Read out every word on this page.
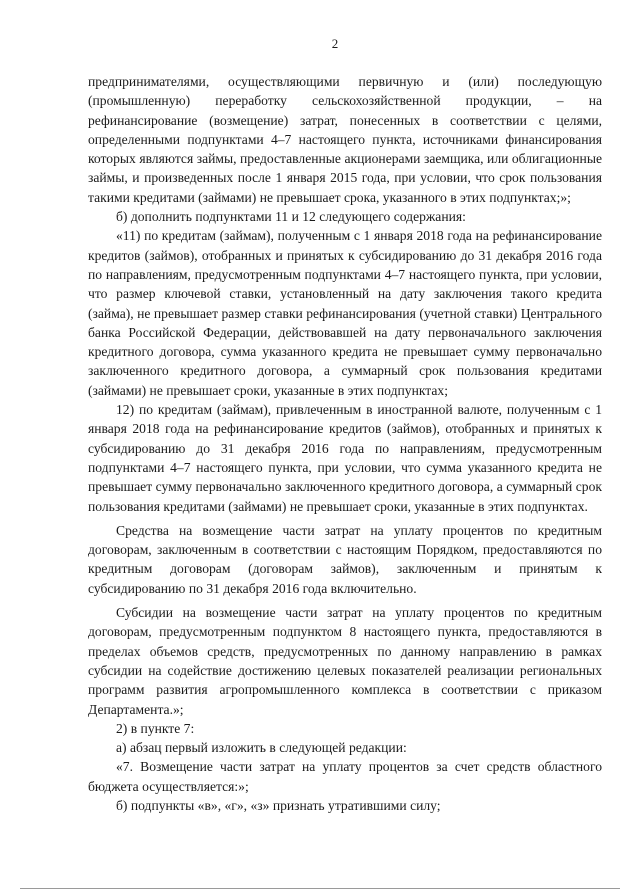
2

предпринимателями, осуществляющими первичную и (или) последующую (промышленную) переработку сельскохозяйственной продукции, – на рефинансирование (возмещение) затрат, понесенных в соответствии с целями, определенными подпунктами 4–7 настоящего пункта, источниками финансирования которых являются займы, предоставленные акционерами заемщика, или облигационные займы, и произведенных после 1 января 2015 года, при условии, что срок пользования такими кредитами (займами) не превышает срока, указанного в этих подпунктах;»;

б) дополнить подпунктами 11 и 12 следующего содержания:

«11) по кредитам (займам), полученным с 1 января 2018 года на рефинансирование кредитов (займов), отобранных и принятых к субсидированию до 31 декабря 2016 года по направлениям, предусмотренным подпунктами 4–7 настоящего пункта, при условии, что размер ключевой ставки, установленный на дату заключения такого кредита (займа), не превышает размер ставки рефинансирования (учетной ставки) Центрального банка Российской Федерации, действовавшей на дату первоначального заключения кредитного договора, сумма указанного кредита не превышает сумму первоначально заключенного кредитного договора, а суммарный срок пользования кредитами (займами) не превышает сроки, указанные в этих подпунктах;

12) по кредитам (займам), привлеченным в иностранной валюте, полученным с 1 января 2018 года на рефинансирование кредитов (займов), отобранных и принятых к субсидированию до 31 декабря 2016 года по направлениям, предусмотренным подпунктами 4–7 настоящего пункта, при условии, что сумма указанного кредита не превышает сумму первоначально заключенного кредитного договора, а суммарный срок пользования кредитами (займами) не превышает сроки, указанные в этих подпунктах.

Средства на возмещение части затрат на уплату процентов по кредитным договорам, заключенным в соответствии с настоящим Порядком, предоставляются по кредитным договорам (договорам займов), заключенным и принятым к субсидированию по 31 декабря 2016 года включительно.

Субсидии на возмещение части затрат на уплату процентов по кредитным договорам, предусмотренным подпунктом 8 настоящего пункта, предоставляются в пределах объемов средств, предусмотренных по данному направлению в рамках субсидии на содействие достижению целевых показателей реализации региональных программ развития агропромышленного комплекса в соответствии с приказом Департамента.»;

2) в пункте 7:

а) абзац первый изложить в следующей редакции:

«7. Возмещение части затрат на уплату процентов за счет средств областного бюджета осуществляется:»;

б) подпункты «в», «г», «з» признать утратившими силу;
